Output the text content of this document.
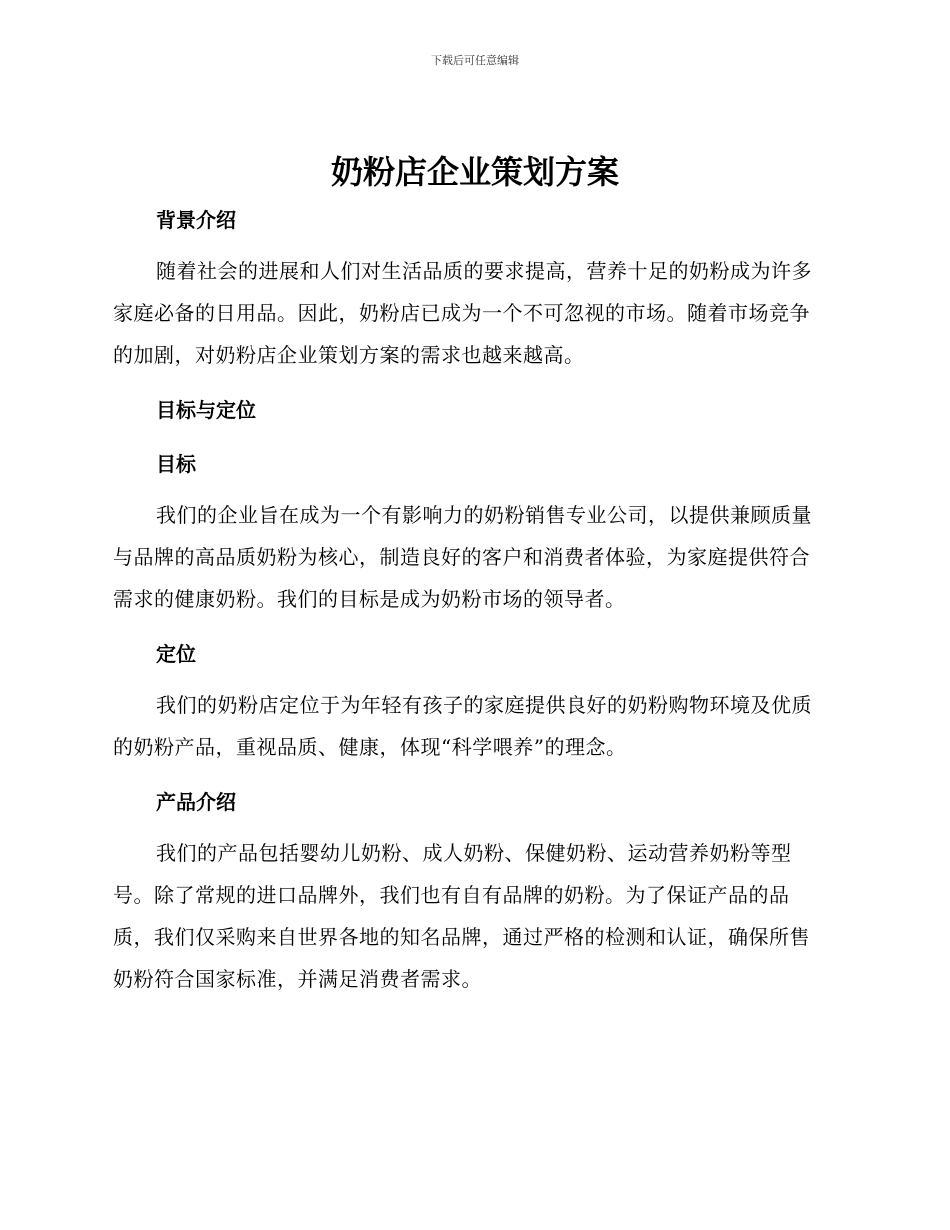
下载后可任意编辑
奶粉店企业策划方案
背景介绍

随着社会的进展和人们对生活品质的要求提高，营养十足的奶粉成为许多家庭必备的日用品。因此，奶粉店已成为一个不可忽视的市场。随着市场竞争的加剧，对奶粉店企业策划方案的需求也越来越高。

目标与定位
目标

我们的企业旨在成为一个有影响力的奶粉销售专业公司，以提供兼顾质量与品牌的高品质奶粉为核心，制造良好的客户和消费者体验，为家庭提供符合需求的健康奶粉。我们的目标是成为奶粉市场的领导者。

定位

我们的奶粉店定位于为年轻有孩子的家庭提供良好的奶粉购物环境及优质的奶粉产品，重视品质、健康，体现“科学喂养”的理念。

产品介绍

我们的产品包括婴幼儿奶粉、成人奶粉、保健奶粉、运动营养奶粉等型号。除了常规的进口品牌外，我们也有自有品牌的奶粉。为了保证产品的品质，我们仅采购来自世界各地的知名品牌，通过严格的检测和认证，确保所售奶粉符合国家标准，并满足消费者需求。
